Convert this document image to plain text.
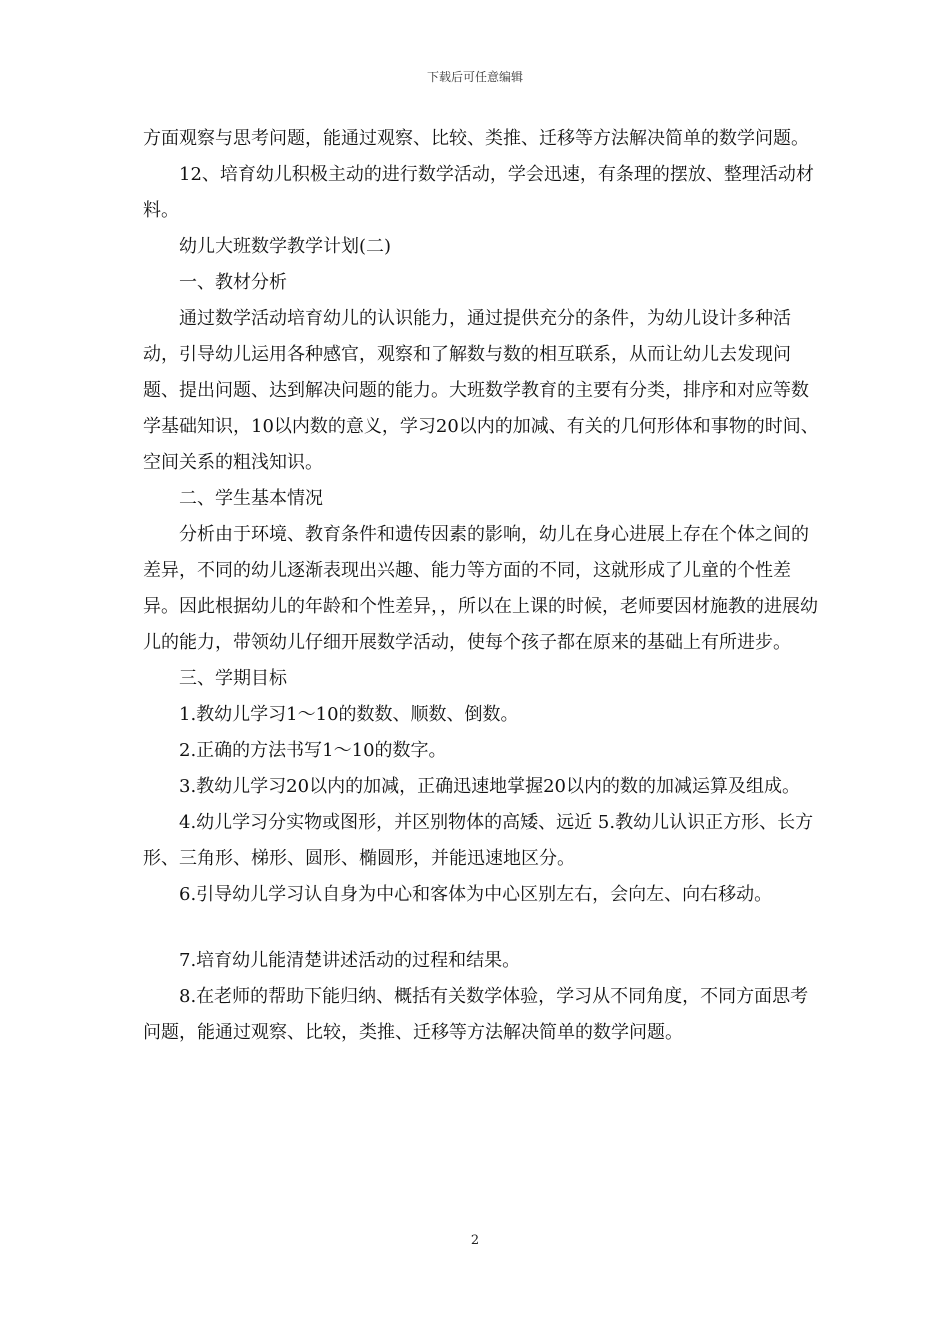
下载后可任意编辑

方面观察与思考问题，能通过观察、比较、类推、迁移等方法解决简单的数学问题。

12、培育幼儿积极主动的进行数学活动，学会迅速，有条理的摆放、整理活动材料。

幼儿大班数学教学计划(二)

一、教材分析

通过数学活动培育幼儿的认识能力，通过提供充分的条件，为幼儿设计多种活动，引导幼儿运用各种感官，观察和了解数与数的相互联系，从而让幼儿去发现问题、提出问题、达到解决问题的能力。大班数学教育的主要有分类，排序和对应等数学基础知识，10以内数的意义，学习20以内的加减、有关的几何形体和事物的时间、空间关系的粗浅知识。

二、学生基本情况

分析由于环境、教育条件和遗传因素的影响，幼儿在身心进展上存在个体之间的差异，不同的幼儿逐渐表现出兴趣、能力等方面的不同，这就形成了儿童的个性差异。因此根据幼儿的年龄和个性差异，，所以在上课的时候，老师要因材施教的进展幼儿的能力，带领幼儿仔细开展数学活动，使每个孩子都在原来的基础上有所进步。

三、学期目标

1.教幼儿学习1～10的数数、顺数、倒数。

2.正确的方法书写1～10的数字。

3.教幼儿学习20以内的加减，正确迅速地掌握20以内的数的加减运算及组成。

4.幼儿学习分实物或图形，并区别物体的高矮、远近 5.教幼儿认识正方形、长方形、三角形、梯形、圆形、椭圆形，并能迅速地区分。

6.引导幼儿学习认自身为中心和客体为中心区别左右，会向左、向右移动。

7.培育幼儿能清楚讲述活动的过程和结果。

8.在老师的帮助下能归纳、概括有关数学体验，学习从不同角度，不同方面思考问题，能通过观察、比较，类推、迁移等方法解决简单的数学问题。

2
